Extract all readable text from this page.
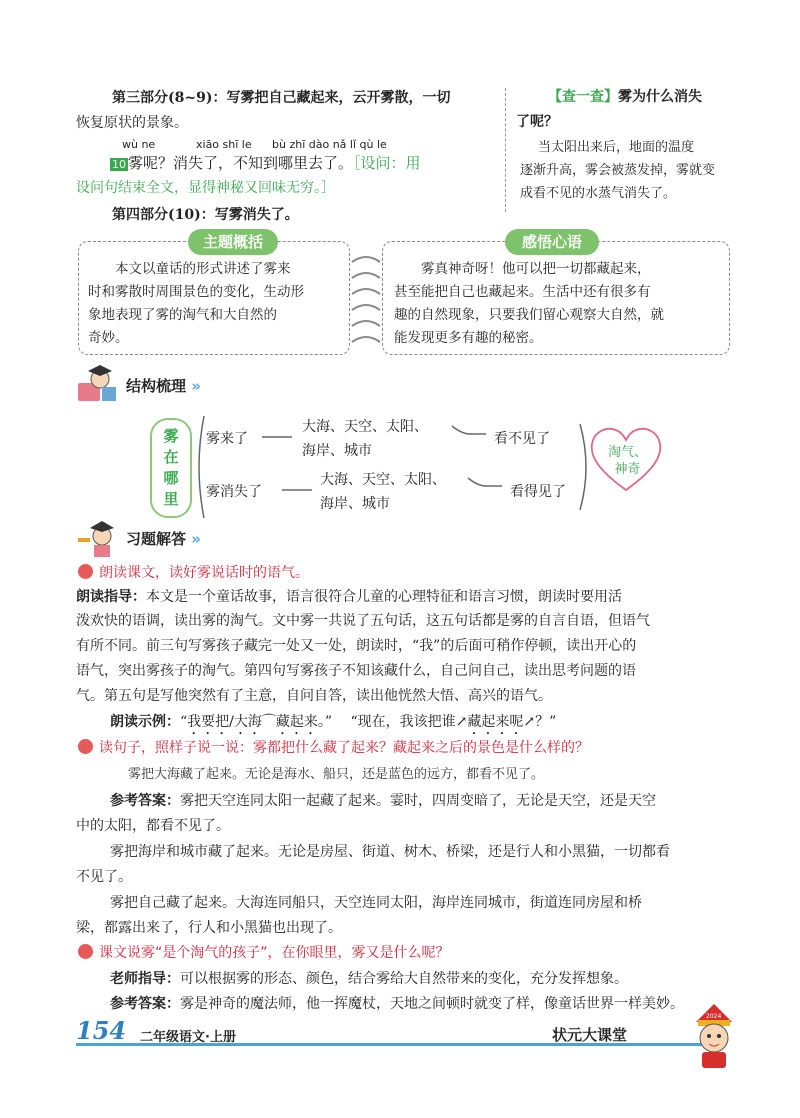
第三部分(8~9)：写雾把自己藏起来，云开雾散，一切
恢复原状的景象。
wù ne	xiāo shī le bù zhī dào nǎ lǐ qù le
10 雾呢？消失了，不知到哪里去了。［设问：用
设问句结束全文，显得神秘又回味无穷。］
第四部分(10)：写雾消失了。
【查一查】雾为什么消失
了呢？
当太阳出来后，地面的温度
逐渐升高，雾会被蒸发掉，雾就变
成看不见的水蒸气消失了。
主题概括
本文以童话的形式讲述了雾来
时和雾散时周围景色的变化，生动形
象地表现了雾的淘气和大自然的
奇妙。
感悟心语
雾真神奇呀！他可以把一切都藏起来，
甚至能把自己也藏起来。生活中还有很多有
趣的自然现象，只要我们留心观察大自然，就
能发现更多有趣的秘密。
结构梳理 »
雾
在
哪
里
雾来了
大海、天空、太阳、
海岸、城市
看不见了
雾消失了
大海、天空、太阳、
海岸、城市
看得见了
淘气、
神奇
习题解答 »
朗读课文，读好雾说话时的语气。
朗读指导：本文是一个童话故事，语言很符合儿童的心理特征和语言习惯，朗读时要用活
泼欢快的语调，读出雾的淘气。文中雾一共说了五句话，这五句话都是雾的自言自语，但语气
有所不同。前三句写雾孩子藏完一处又一处，朗读时，“我”的后面可稍作停顿，读出开心的
语气，突出雾孩子的淘气。第四句写雾孩子不知该藏什么，自己问自己，读出思考问题的语
气。第五句是写他突然有了主意，自问自答，读出他恍然大悟、高兴的语气。
朗读示例：“我要把/大海⌒藏起来。” “现在，我该把谁↗藏起来呢↗？”
读句子，照样子说一说：雾都把什么藏了起来？藏起来之后的景色是什么样的？
雾把大海藏了起来。无论是海水、船只，还是蓝色的远方，都看不见了。
参考答案：雾把天空连同太阳一起藏了起来。霎时，四周变暗了，无论是天空，还是天空
中的太阳，都看不见了。
雾把海岸和城市藏了起来。无论是房屋、街道、树木、桥梁，还是行人和小黑猫，一切都看
不见了。
雾把自己藏了起来。大海连同船只，天空连同太阳，海岸连同城市，街道连同房屋和桥
梁，都露出来了，行人和小黑猫也出现了。
课文说雾“是个淘气的孩子”，在你眼里，雾又是什么呢？
老师指导：可以根据雾的形态、颜色，结合雾给大自然带来的变化，充分发挥想象。
参考答案：雾是神奇的魔法师，他一挥魔杖，天地之间顿时就变了样，像童话世界一样美妙。
154 二年级语文·上册	状元大课堂
2024
